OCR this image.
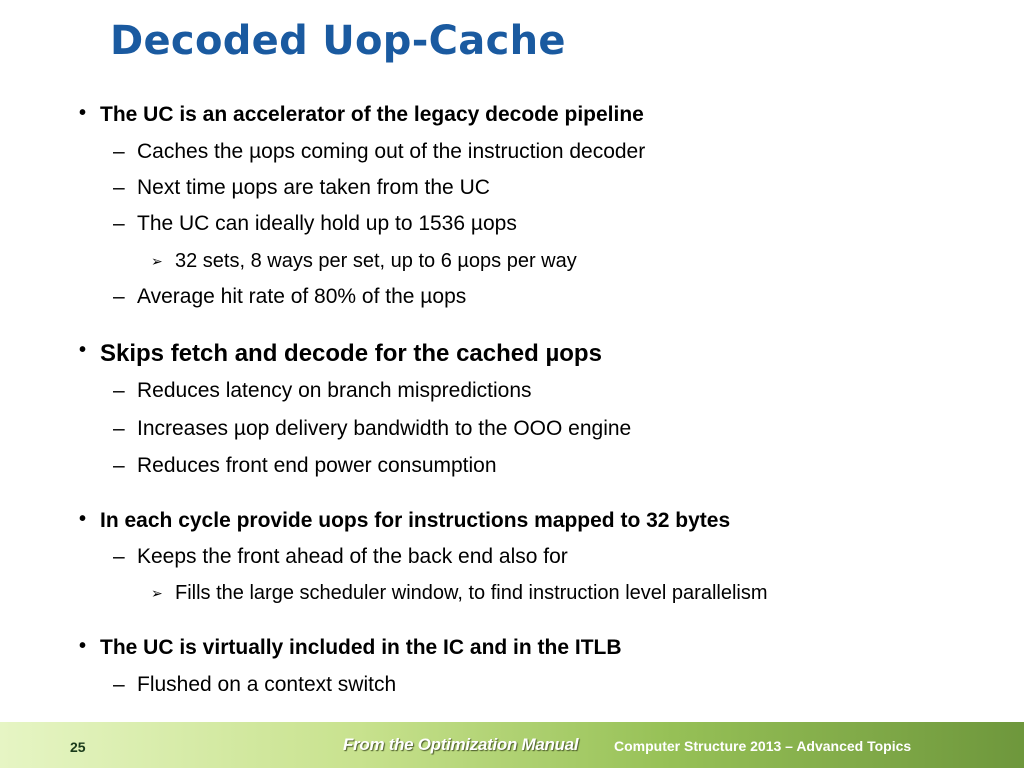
Decoded Uop-Cache
• The UC is an accelerator of the legacy decode pipeline
– Caches the µops coming out of the instruction decoder
– Next time µops are taken from the UC
– The UC can ideally hold up to 1536 µops
➢ 32 sets, 8 ways per set, up to 6 µops per way
– Average hit rate of 80% of the µops
• Skips fetch and decode for the cached µops
– Reduces latency on branch mispredictions
– Increases µop delivery bandwidth to the OOO engine
– Reduces front end power consumption
• In each cycle provide uops for instructions mapped to 32 bytes
– Keeps the front ahead of the back end also for
➢ Fills the large scheduler window, to find instruction level parallelism
• The UC is virtually included in the IC and in the ITLB
– Flushed on a context switch
25	From the Optimization Manual	Computer Structure 2013 – Advanced Topics
